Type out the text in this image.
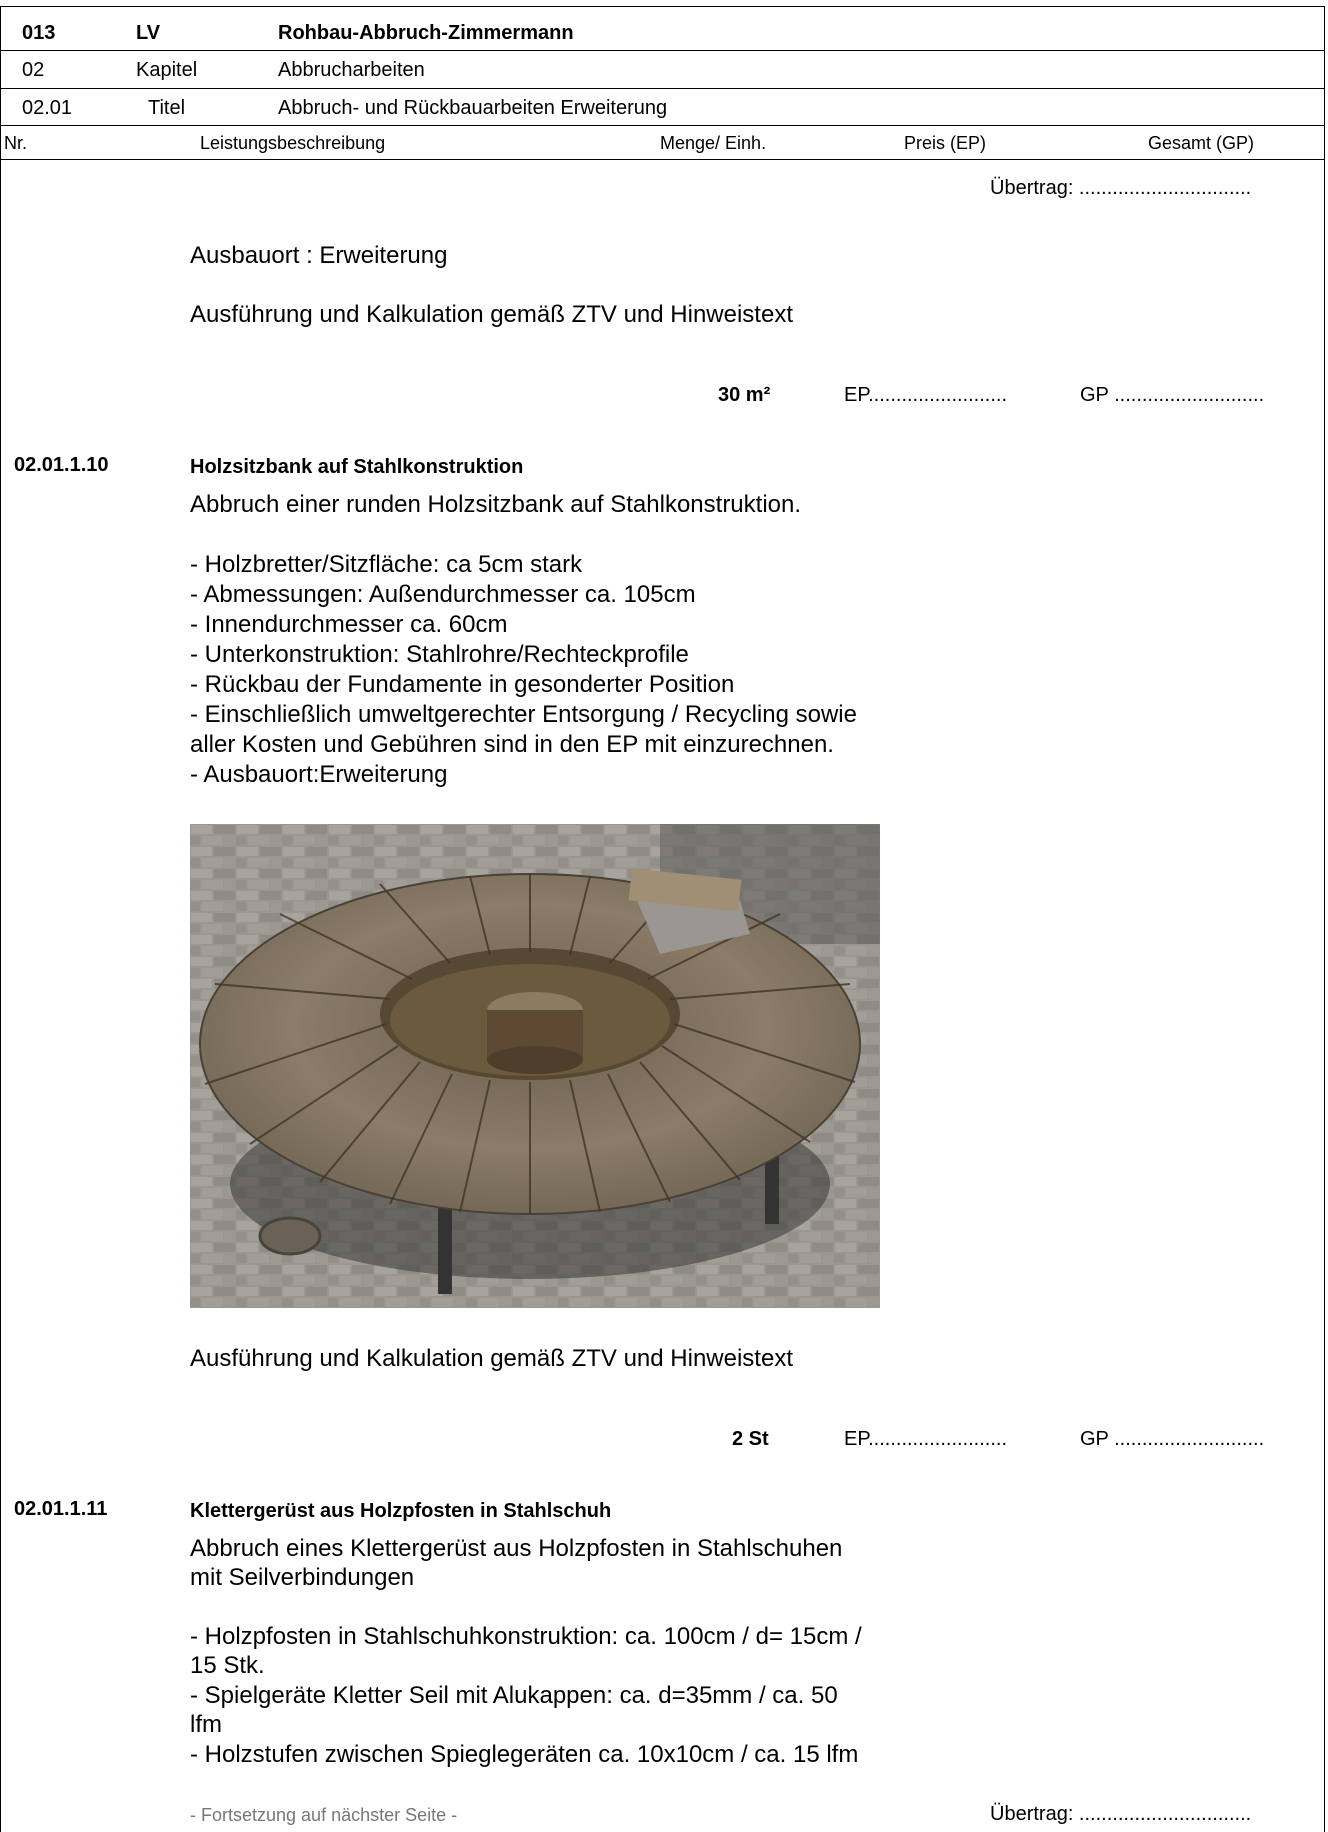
013	LV	Rohbau-Abbruch-Zimmermann
02	Kapitel	Abbrucharbeiten
02.01	Titel	Abbruch- und Rückbauarbeiten Erweiterung
Nr.	Leistungsbeschreibung	Menge/ Einh.	Preis (EP)	Gesamt (GP)
Übertrag: ...............................
Ausbauort : Erweiterung
Ausführung und Kalkulation gemäß ZTV und Hinweistext
30 m²	EP.........................	GP ...........................
02.01.1.10	Holzsitzbank auf Stahlkonstruktion
Abbruch einer runden Holzsitzbank auf Stahlkonstruktion.
- Holzbretter/Sitzfläche: ca 5cm stark
- Abmessungen: Außendurchmesser ca. 105cm
- Innendurchmesser ca. 60cm
- Unterkonstruktion: Stahlrohre/Rechteckprofile
- Rückbau der Fundamente in gesonderter Position
- Einschließlich umweltgerechter Entsorgung / Recycling sowie
aller Kosten und Gebühren sind in den EP mit einzurechnen.
- Ausbauort:Erweiterung
Ausführung und Kalkulation gemäß ZTV und Hinweistext
2 St	EP.........................	GP ...........................
02.01.1.11	Klettergerüst aus Holzpfosten in Stahlschuh
Abbruch eines Klettergerüst aus Holzpfosten in Stahlschuhen
mit Seilverbindungen
- Holzpfosten in Stahlschuhkonstruktion: ca. 100cm / d= 15cm /
15 Stk.
- Spielgeräte Kletter Seil mit Alukappen: ca. d=35mm / ca. 50
lfm
- Holzstufen zwischen Spieglegeräten ca. 10x10cm / ca. 15 lfm
- Fortsetzung auf nächster Seite -	Übertrag: ...............................
